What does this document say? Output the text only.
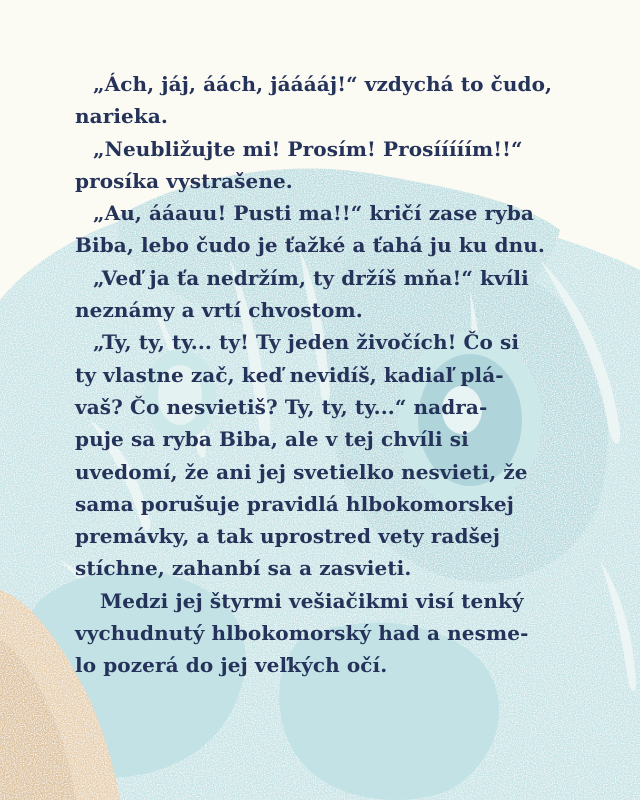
„Ách, jáj, áách, jááááj!“ vzdychá to čudo,
narieka.
„Neubližujte mi! Prosím! Prosííííím!!“
prosíka vystrašene.
„Au, ááauu! Pusti ma!!“ kričí zase ryba
Biba, lebo čudo je ťažké a ťahá ju ku dnu.
„Veď ja ťa nedržím, ty držíš mňa!“ kvíli
neznámy a vrtí chvostom.
„Ty, ty, ty... ty! Ty jeden živočích! Čo si
ty vlastne zač, keď nevidíš, kadiaľ plá-
vaš? Čo nesvietiš? Ty, ty, ty...“ nadra-
puje sa ryba Biba, ale v tej chvíli si
uvedomí, že ani jej svetielko nesvieti, že
sama porušuje pravidlá hlbokomorskej
premávky, a tak uprostred vety radšej
stíchne, zahanbí sa a zasvieti.
Medzi jej štyrmi vešiačikmi visí tenký
vychudnutý hlbokomorský had a nesme-
lo pozerá do jej veľkých očí.
